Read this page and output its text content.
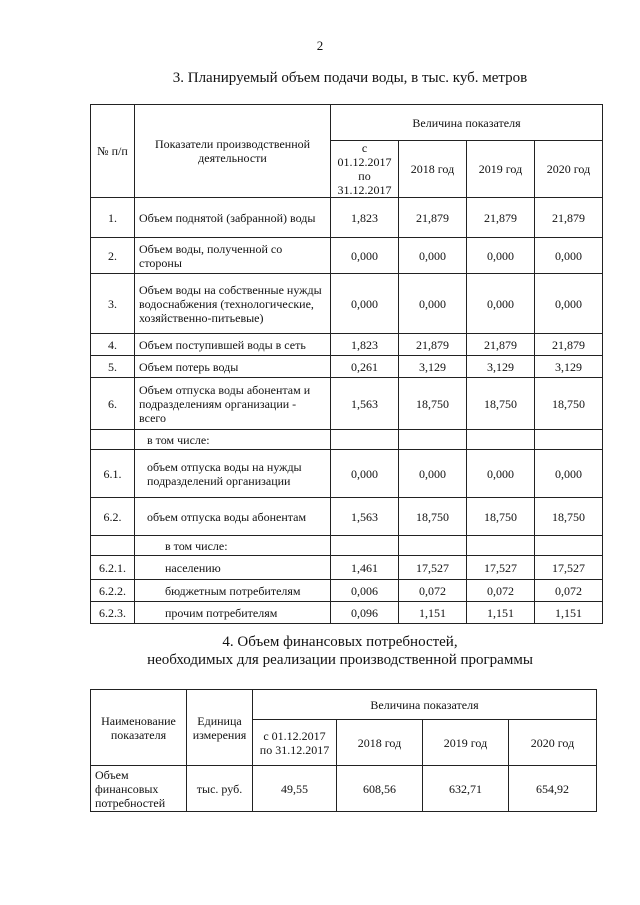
2
3. Планируемый объем подачи воды, в тыс. куб. метров
№ п/п	Показатели производственной деятельности	Величина показателя			
		с 01.12.2017 по 31.12.2017	2018 год	2019 год	2020 год
1.	Объем поднятой (забранной) воды	1,823	21,879	21,879	21,879
2.	Объем воды, полученной со стороны	0,000	0,000	0,000	0,000
3.	Объем воды на собственные нужды водоснабжения (технологические, хозяйственно-питьевые)	0,000	0,000	0,000	0,000
4.	Объем поступившей воды в сеть	1,823	21,879	21,879	21,879
5.	Объем потерь воды	0,261	3,129	3,129	3,129
6.	Объем отпуска воды абонентам и подразделениям организации - всего	1,563	18,750	18,750	18,750
	в том числе:				
6.1.	объем отпуска воды на нужды подразделений организации	0,000	0,000	0,000	0,000
6.2.	объем отпуска воды абонентам	1,563	18,750	18,750	18,750
	в том числе:				
6.2.1.	населению	1,461	17,527	17,527	17,527
6.2.2.	бюджетным потребителям	0,006	0,072	0,072	0,072
6.2.3.	прочим потребителям	0,096	1,151	1,151	1,151
4. Объем финансовых потребностей,
необходимых для реализации производственной программы
Наименование показателя	Единица измерения	Величина показателя			
		с 01.12.2017 по 31.12.2017	2018 год	2019 год	2020 год
Объем финансовых потребностей	тыс. руб.	49,55	608,56	632,71	654,92
